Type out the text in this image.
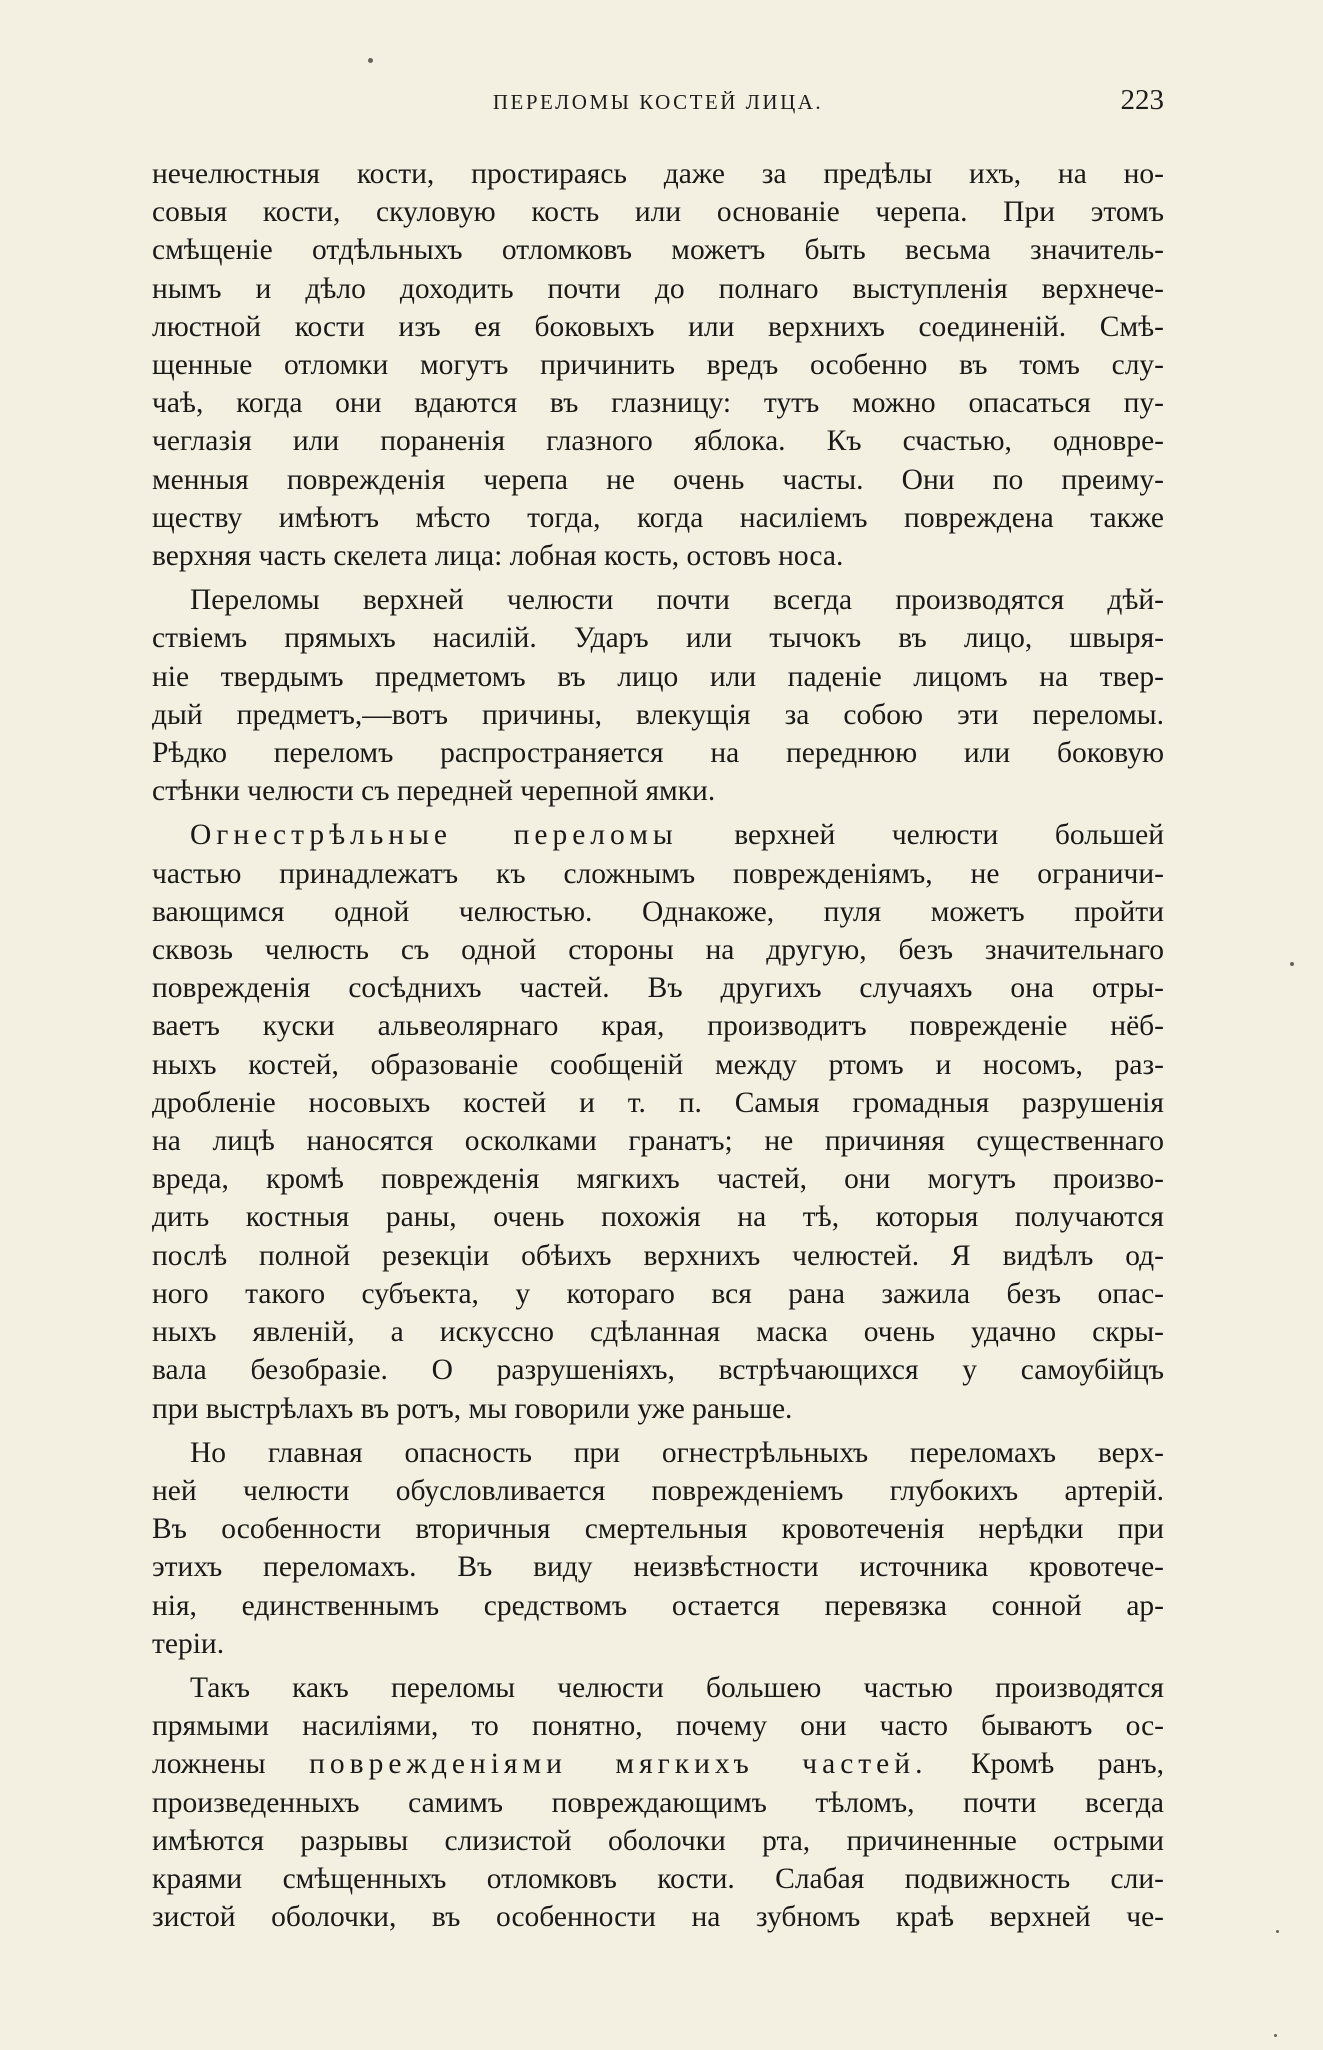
ПЕРЕЛОМЫ КОСТЕЙ ЛИЦА.	223

нечелюстныя кости, простираясь даже за предѣлы ихъ, на но-

совыя кости, скуловую кость или основаніе черепа. При этомъ

смѣщеніе отдѣльныхъ отломковъ можетъ быть весьма значитель-

нымъ и дѣло доходить почти до полнаго выступленія верхнече-

люстной кости изъ ея боковыхъ или верхнихъ соединеній. Смѣ-

щенные отломки могутъ причинить вредъ особенно въ томъ слу-

чаѣ, когда они вдаются въ глазницу: тутъ можно опасаться пу-

чеглазія или пораненія глазного яблока. Къ счастью, одновре-

менныя поврежденія черепа не очень часты. Они по преиму-

ществу имѣютъ мѣсто тогда, когда насиліемъ повреждена также

верхняя часть скелета лица: лобная кость, остовъ носа.

Переломы верхней челюсти почти всегда производятся дѣй-

ствіемъ прямыхъ насилій. Ударъ или тычокъ въ лицо, швыря-

ніе твердымъ предметомъ въ лицо или паденіе лицомъ на твер-

дый предметъ,—вотъ причины, влекущія за собою эти переломы.

Рѣдко переломъ распространяется на переднюю или боковую

стѣнки челюсти съ передней черепной ямки.

Огнестрѣльные переломы верхней челюсти большей

частью принадлежатъ къ сложнымъ поврежденіямъ, не ограничи-

вающимся одной челюстью. Однакоже, пуля можетъ пройти

сквозь челюсть съ одной стороны на другую, безъ значительнаго

поврежденія сосѣднихъ частей. Въ другихъ случаяхъ она отры-

ваетъ куски альвеолярнаго края, производитъ поврежденіе нёб-

ныхъ костей, образованіе сообщеній между ртомъ и носомъ, раз-

дробленіе носовыхъ костей и т. п. Самыя громадныя разрушенія

на лицѣ наносятся осколками гранатъ; не причиняя существеннаго

вреда, кромѣ поврежденія мягкихъ частей, они могутъ произво-

дить костныя раны, очень похожія на тѣ, которыя получаются

послѣ полной резекціи обѣихъ верхнихъ челюстей. Я видѣлъ од-

ного такого субъекта, у котораго вся рана зажила безъ опас-

ныхъ явленій, а искуссно сдѣланная маска очень удачно скры-

вала безобразіе. О разрушеніяхъ, встрѣчающихся у самоубійцъ

при выстрѣлахъ въ ротъ, мы говорили уже раньше.

Но главная опасность при огнестрѣльныхъ переломахъ верх-

ней челюсти обусловливается поврежденіемъ глубокихъ артерій.

Въ особенности вторичныя смертельныя кровотеченія нерѣдки при

этихъ переломахъ. Въ виду неизвѣстности источника кровотече-

нія, единственнымъ средствомъ остается перевязка сонной ар-

теріи.

Такъ какъ переломы челюсти большею частью производятся

прямыми насиліями, то понятно, почему они часто бываютъ ос-

ложнены поврежденіями мягкихъ частей. Кромѣ ранъ,

произведенныхъ самимъ повреждающимъ тѣломъ, почти всегда

имѣются разрывы слизистой оболочки рта, причиненные острыми

краями смѣщенныхъ отломковъ кости. Слабая подвижность сли-

зистой оболочки, въ особенности на зубномъ краѣ верхней че-
